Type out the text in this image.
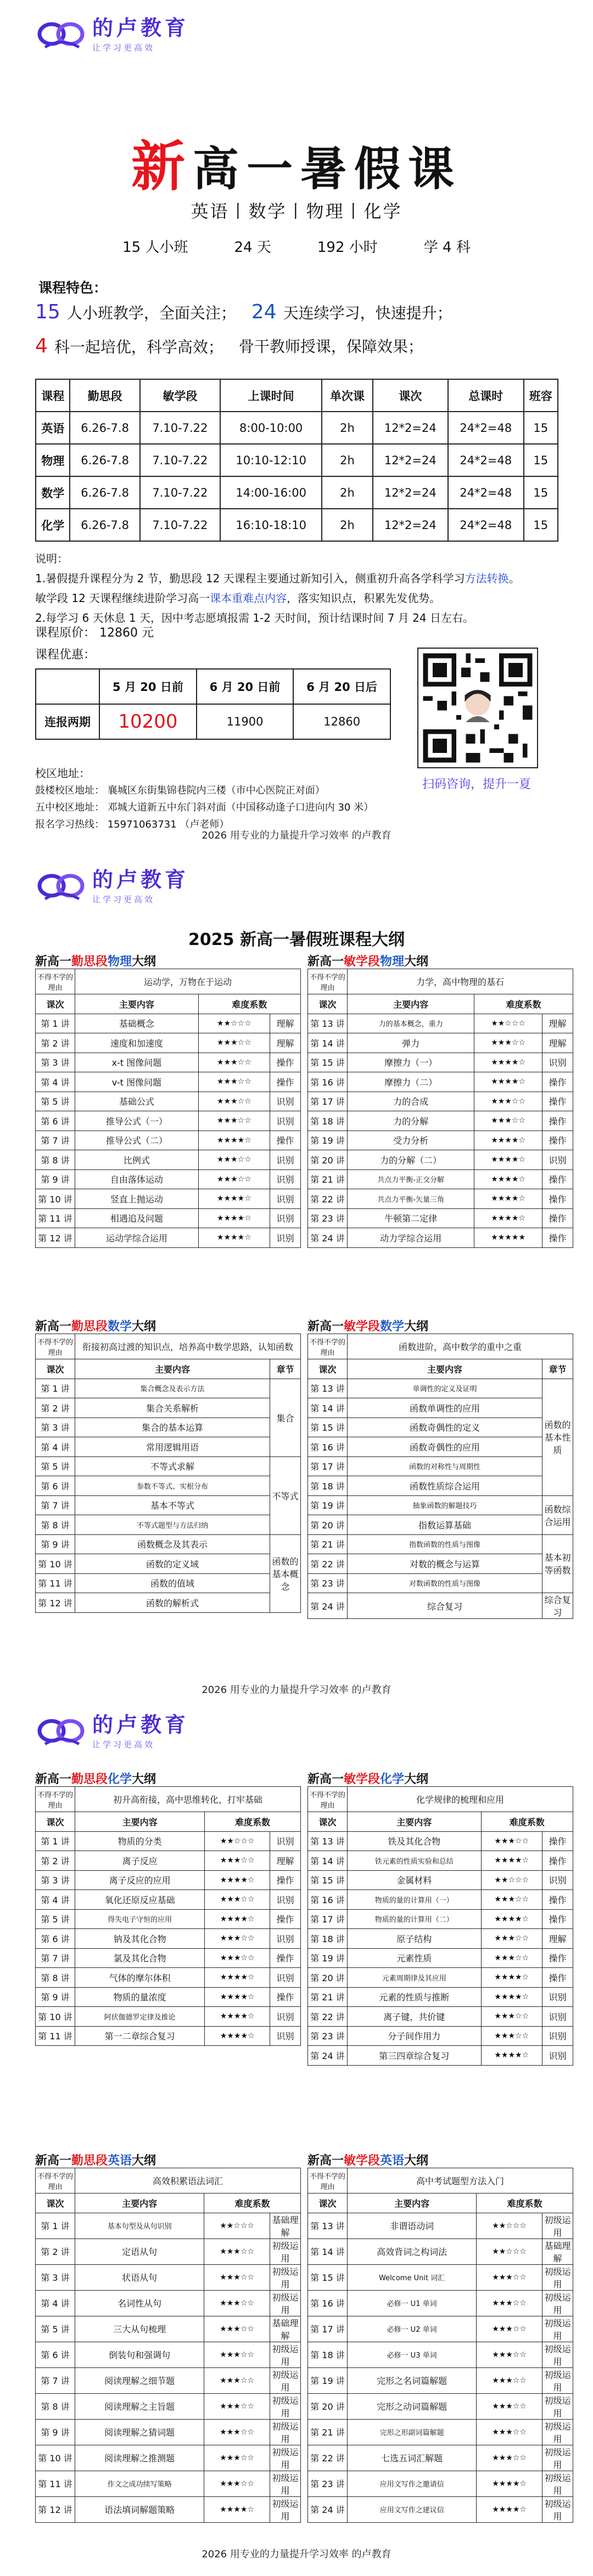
的卢教育
让学习更高效
新高一暑假课
英语丨数学丨物理丨化学
15 人小班	24 天	192 小时	学 4 科
课程特色：
15 人小班教学，全面关注； 24 天连续学习，快速提升；
4 科一起培优，科学高效； 骨干教师授课，保障效果；
课程	勤思段	敏学段	上课时间	单次课	课次	总课时	班容
英语	6.26-7.8	7.10-7.22	8:00-10:00	2h	12*2=24	24*2=48	15
物理	6.26-7.8	7.10-7.22	10:10-12:10	2h	12*2=24	24*2=48	15
数学	6.26-7.8	7.10-7.22	14:00-16:00	2h	12*2=24	24*2=48	15
化学	6.26-7.8	7.10-7.22	16:10-18:10	2h	12*2=24	24*2=48	15
说明：
1.暑假提升课程分为 2 节，勤思段 12 天课程主要通过新知引入，侧重初升高各学科学习方法转换。
敏学段 12 天课程继续进阶学习高一课本重难点内容，落实知识点，积累先发优势。
2.每学习 6 天休息 1 天，因中考志愿填报需 1-2 天时间，预计结课时间 7 月 24 日左右。
课程原价： 12860 元
课程优惠：
	5 月 20 日前	6 月 20 日前	6 月 20 日后
连报两期	10200	11900	12860
扫码咨询，提升一夏
校区地址：
鼓楼校区地址： 襄城区东街集锦巷院内三楼（市中心医院正对面）
五中校区地址： 邓城大道新五中东门斜对面（中国移动逢子口进向内 30 米）
报名学习热线： 15971063731 （卢老师）
2026 用专业的力量提升学习效率 的卢教育
的卢教育
让学习更高效
2025 新高一暑假班课程大纲
新高一勤思段物理大纲
不得不学的理由	运动学，万物在于运动		
课次	主要内容	难度系数	
第 1 讲	基础概念	★★☆☆☆	理解
第 2 讲	速度和加速度	★★★☆☆	理解
第 3 讲	x-t 图像问题	★★★☆☆	操作
第 4 讲	v-t 图像问题	★★★☆☆	操作
第 5 讲	基础公式	★★★☆☆	识别
第 6 讲	推导公式（一）	★★★☆☆	识别
第 7 讲	推导公式（二）	★★★★☆	操作
第 8 讲	比例式	★★★☆☆	识别
第 9 讲	自由落体运动	★★★☆☆	识别
第 10 讲	竖直上抛运动	★★★★☆	识别
第 11 讲	相遇追及问题	★★★★☆	识别
第 12 讲	运动学综合运用	★★★★☆	识别
新高一敏学段物理大纲
不得不学的理由	力学，高中物理的基石		
课次	主要内容	难度系数	
第 13 讲	力的基本概念，重力	★★☆☆☆	理解
第 14 讲	弹力	★★★☆☆	理解
第 15 讲	摩擦力（一）	★★★★☆	识别
第 16 讲	摩擦力（二）	★★★★☆	操作
第 17 讲	力的合成	★★★☆☆	操作
第 18 讲	力的分解	★★★☆☆	操作
第 19 讲	受力分析	★★★★☆	操作
第 20 讲	力的分解（二）	★★★★☆	识别
第 21 讲	共点力平衡-正交分解	★★★★☆	操作
第 22 讲	共点力平衡-矢量三角	★★★★☆	操作
第 23 讲	牛顿第二定律	★★★★☆	操作
第 24 讲	动力学综合运用	★★★★★	操作
新高一勤思段数学大纲
不得不学的理由	衔接初高过渡的知识点，培养高中数学思路，认知函数	
课次	主要内容	章节
第 1 讲	集合概念及表示方法	集合
第 2 讲	集合关系解析	
第 3 讲	集合的基本运算	
第 4 讲	常用逻辑用语	
第 5 讲	不等式求解	不等式
第 6 讲	参数不等式、实根分布	
第 7 讲	基本不等式	
第 8 讲	不等式题型与方法归纳	
第 9 讲	函数概念及其表示	函数的基本概念
第 10 讲	函数的定义域	
第 11 讲	函数的值域	
第 12 讲	函数的解析式	
新高一敏学段数学大纲
不得不学的理由	函数进阶，高中数学的重中之重	
课次	主要内容	章节
第 13 讲	单调性的定义及证明	函数的基本性质
第 14 讲	函数单调性的应用	
第 15 讲	函数奇偶性的定义	
第 16 讲	函数奇偶性的应用	
第 17 讲	函数的对称性与周期性	
第 18 讲	函数性质综合运用	
第 19 讲	抽象函数的解题技巧	函数综合运用
第 20 讲	指数运算基础	
第 21 讲	指数函数的性质与图像	基本初等函数
第 22 讲	对数的概念与运算	
第 23 讲	对数函数的性质与图像	
第 24 讲	综合复习	综合复习
2026 用专业的力量提升学习效率 的卢教育
的卢教育
让学习更高效
新高一勤思段化学大纲
不得不学的理由	初升高衔接，高中思维转化，打牢基础		
课次	主要内容	难度系数	
第 1 讲	物质的分类	★★☆☆☆	识别
第 2 讲	离子反应	★★★☆☆	理解
第 3 讲	离子反应的应用	★★★★☆	操作
第 4 讲	氧化还原反应基础	★★★☆☆	识别
第 5 讲	得失电子守恒的应用	★★★★☆	操作
第 6 讲	钠及其化合物	★★★☆☆	识别
第 7 讲	氯及其化合物	★★★☆☆	操作
第 8 讲	气体的摩尔体积	★★★★☆	识别
第 9 讲	物质的量浓度	★★★★☆	操作
第 10 讲	阿伏伽德罗定律及推论	★★★★☆	识别
第 11 讲	第一二章综合复习	★★★★☆	识别
新高一敏学段化学大纲
不得不学的理由	化学规律的梳理和应用		
课次	主要内容	难度系数	
第 13 讲	铁及其化合物	★★★☆☆	操作
第 14 讲	铁元素的性质实验和总结	★★★★☆	操作
第 15 讲	金属材料	★★☆☆☆	识别
第 16 讲	物质的量的计算用（一）	★★★☆☆	操作
第 17 讲	物质的量的计算用（二）	★★★★☆	操作
第 18 讲	原子结构	★★★☆☆	理解
第 19 讲	元素性质	★★★☆☆	操作
第 20 讲	元素周期律及其应用	★★★★☆	操作
第 21 讲	元素的性质与推断	★★★★☆	识别
第 22 讲	离子键，共价键	★★★☆☆	识别
第 23 讲	分子间作用力	★★★☆☆	识别
第 24 讲	第三四章综合复习	★★★★☆	识别
新高一勤思段英语大纲
不得不学的理由	高效积累语法词汇		
课次	主要内容	难度系数	
第 1 讲	基本句型及从句识别	★★☆☆☆	基础理解
第 2 讲	定语从句	★★★☆☆	初级运用
第 3 讲	状语从句	★★★☆☆	初级运用
第 4 讲	名词性从句	★★★☆☆	初级运用
第 5 讲	三大从句梳理	★★★☆☆	基础理解
第 6 讲	倒装句和强调句	★★★☆☆	初级运用
第 7 讲	阅读理解之细节题	★★★☆☆	初级运用
第 8 讲	阅读理解之主旨题	★★★☆☆	初级运用
第 9 讲	阅读理解之猜词题	★★★☆☆	初级运用
第 10 讲	阅读理解之推测题	★★★☆☆	初级运用
第 11 讲	作文之成功续写策略	★★★☆☆	初级运用
第 12 讲	语法填词解题策略	★★★★☆	初级运用
新高一敏学段英语大纲
不得不学的理由	高中考试题型方法入门		
课次	主要内容	难度系数	
第 13 讲	非谓语动词	★★☆☆☆	初级运用
第 14 讲	高效背词之构词法	★★☆☆☆	基础理解
第 15 讲	Welcome Unit 词汇	★★★☆☆	初级运用
第 16 讲	必修一 U1 单词	★★★☆☆	初级运用
第 17 讲	必修一 U2 单词	★★★☆☆	初级运用
第 18 讲	必修一 U3 单词	★★★☆☆	初级运用
第 19 讲	完形之名词篇解题	★★★☆☆	初级运用
第 20 讲	完形之动词篇解题	★★★☆☆	初级运用
第 21 讲	完形之形副词篇解题	★★★☆☆	初级运用
第 22 讲	七选五词汇解题	★★★☆☆	初级运用
第 23 讲	应用文写作之邀请信	★★★★☆	初级运用
第 24 讲	应用文写作之建议信	★★★★☆	初级运用
2026 用专业的力量提升学习效率 的卢教育
